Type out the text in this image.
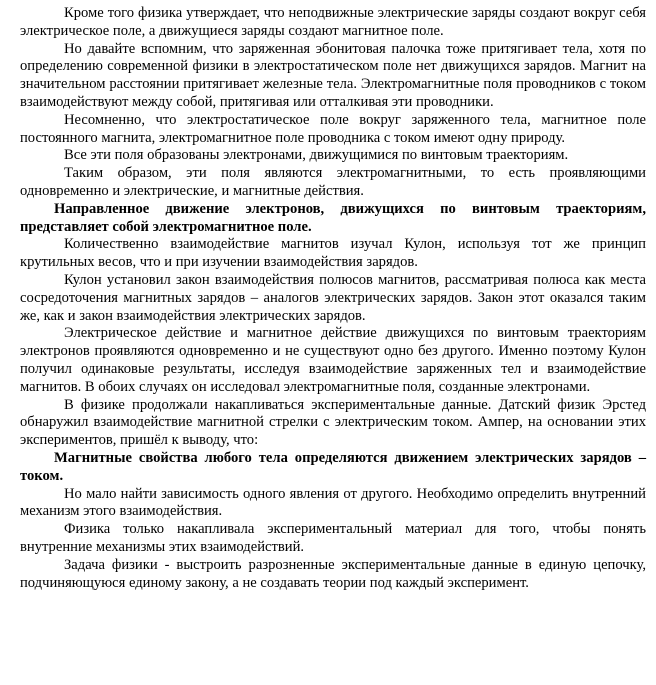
Кроме того физика утверждает, что неподвижные электрические заряды создают вокруг себя электрическое поле, а движущиеся заряды создают магнитное поле.

Но давайте вспомним, что заряженная эбонитовая палочка тоже притягивает тела, хотя по определению современной физики в электростатическом поле нет движущихся зарядов. Магнит на значительном расстоянии притягивает железные тела. Электромагнитные поля проводников с током взаимодействуют между собой, притягивая или отталкивая эти проводники.

Несомненно, что электростатическое поле вокруг заряженного тела, магнитное поле постоянного магнита, электромагнитное поле проводника с током имеют одну природу.

Все эти поля образованы электронами, движущимися по винтовым траекториям.

Таким образом, эти поля являются электромагнитными, то есть проявляющими одновременно и электрические, и магнитные действия.

Направленное движение электронов, движущихся по винтовым траекториям, представляет собой электромагнитное поле.

Количественно взаимодействие магнитов изучал Кулон, используя тот же принцип крутильных весов, что и при изучении взаимодействия зарядов.

Кулон установил закон взаимодействия полюсов магнитов, рассматривая полюса как места сосредоточения магнитных зарядов – аналогов электрических зарядов. Закон этот оказался таким же, как и закон взаимодействия электрических зарядов.

Электрическое действие и магнитное действие движущихся по винтовым траекториям электронов проявляются одновременно и не существуют одно без другого. Именно поэтому Кулон получил одинаковые результаты, исследуя взаимодействие заряженных тел и взаимодействие магнитов. В обоих случаях он исследовал электромагнитные поля, созданные электронами.

В физике продолжали накапливаться экспериментальные данные. Датский физик Эрстед обнаружил взаимодействие магнитной стрелки с электрическим током. Ампер, на основании этих экспериментов, пришёл к выводу, что:

Магнитные свойства любого тела определяются движением электрических зарядов – током.

Но мало найти зависимость одного явления от другого. Необходимо определить внутренний механизм этого взаимодействия.

Физика только накапливала экспериментальный материал для того, чтобы понять внутренние механизмы этих взаимодействий.

Задача физики - выстроить разрозненные экспериментальные данные в единую цепочку, подчиняющуюся единому закону, а не создавать теории под каждый эксперимент.
